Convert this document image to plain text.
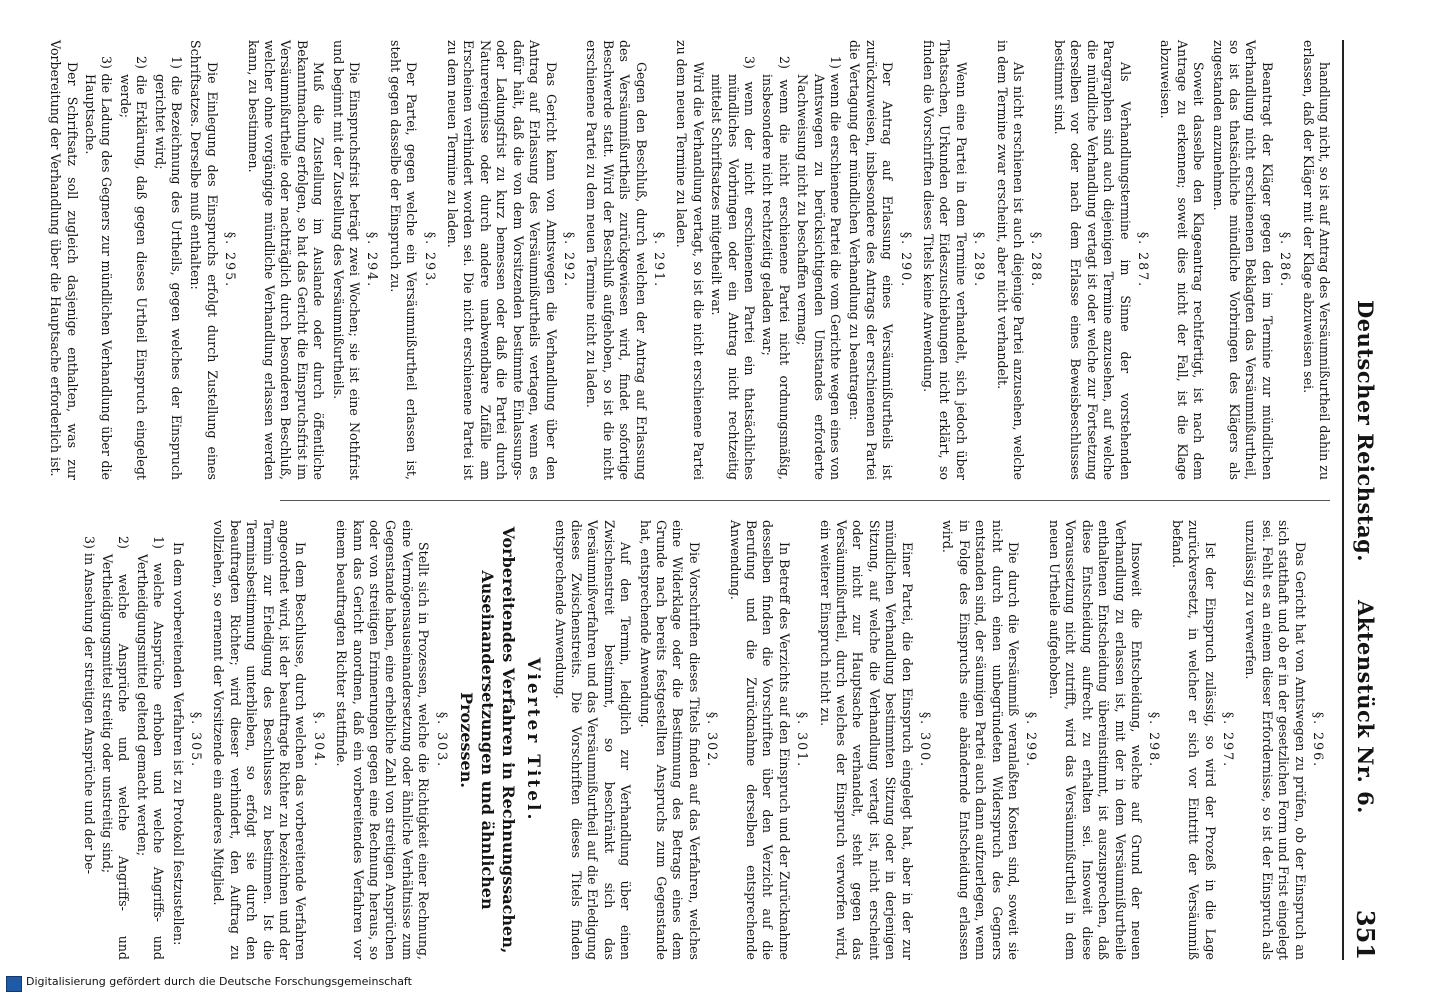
Deutscher Reichstag.
Aktenstück Nr. 6.
351
handlung nicht, so ist auf Antrag des Versäumnißurtheil dahin zu erlassen, daß der Kläger mit der Klage abzuweisen sei.
§. 286.
Beantragt der Kläger gegen den im Termine zur mündlichen Verhandlung nicht erschienenen Beklagten das Versäumnißurtheil, so ist das thatsächliche mündliche Vorbringen des Klägers als zugestanden anzunehmen.
Soweit dasselbe den Klageantrag rechtfertigt, ist nach dem Antrage zu erkennen; soweit dies nicht der Fall, ist die Klage abzuweisen.
§. 287.
Als Verhandlungstermine im Sinne der vorstehenden Paragraphen sind auch diejenigen Termine anzusehen, auf welche die mündliche Verhandlung vertagt ist oder welche zur Fortsetzung derselben vor oder nach dem Erlasse eines Beweisbeschlusses bestimmt sind.
§. 288.
Als nicht erschienen ist auch diejenige Partei anzusehen, welche in dem Termine zwar erscheint, aber nicht verhandelt.
§. 289.
Wenn eine Partei in dem Termine verhandelt, sich jedoch über Thatsachen, Urkunden oder Eideszuschiebungen nicht erklärt, so finden die Vorschriften dieses Titels keine Anwendung.
§. 290.
Der Antrag auf Erlassung eines Versäumnißurtheils ist zurückzuweisen, insbesondere des Antrags der erschienenen Partei die Vertagung der mündlichen Verhandlung zu beantragen:
1) wenn die erschienene Partei die vom Gerichte wegen eines von Amtswegen zu berücksichtigenden Umstandes erforderte Nachweisung nicht zu beschaffen vermag;
2) wenn die nicht erschienene Partei nicht ordnungsmäßig, insbesondere nicht rechtzeitig geladen war;
3) wenn der nicht erschienenen Partei ein thatsächliches mündliches Vorbringen oder ein Antrag nicht rechtzeitig mittelst Schriftsatzes mitgetheilt war.
Wird die Verhandlung vertagt, so ist die nicht erschienene Partei zu dem neuen Termine zu laden.
§. 291.
Gegen den Beschluß, durch welchen der Antrag auf Erlassung des Versäumnißurtheils zurückgewiesen wird, findet sofortige Beschwerde statt. Wird der Beschluß aufgehoben, so ist die nicht erschienene Partei zu dem neuen Termine nicht zu laden.
§. 292.
Das Gericht kann von Amtswegen die Verhandlung über den Antrag auf Erlassung des Versäumnißurtheils vertagen, wenn es dafür hält, daß die von dem Vorsitzenden bestimmte Einlassungs- oder Ladungsfrist zu kurz bemessen oder daß die Partei durch Naturereignisse oder durch andere unabwendbare Zufälle am Erscheinen verhindert worden sei. Die nicht erschienene Partei ist zu dem neuen Termine zu laden.
§. 293.
Der Partei, gegen welche ein Versäumnißurtheil erlassen ist, steht gegen dasselbe der Einspruch zu.
§. 294.
Die Einspruchsfrist beträgt zwei Wochen; sie ist eine Nothfrist und beginnt mit der Zustellung des Versäumnißurtheils.
Muß die Zustellung im Auslande oder durch öffentliche Bekanntmachung erfolgen, so hat das Gericht die Einspruchsfrist im Versäumnißurtheile oder nachträglich durch besonderen Beschluß, welcher ohne vorgängige mündliche Verhandlung erlassen werden kann, zu bestimmen.
§. 295.
Die Einlegung des Einspruchs erfolgt durch Zustellung eines Schriftsatzes. Derselbe muß enthalten:
1) die Bezeichnung des Urtheils, gegen welches der Einspruch gerichtet wird;
2) die Erklärung, daß gegen dieses Urtheil Einspruch eingelegt werde;
3) die Ladung des Gegners zur mündlichen Verhandlung über die Hauptsache.
Der Schriftsatz soll zugleich dasjenige enthalten, was zur Vorbereitung der Verhandlung über die Hauptsache erforderlich ist.
§. 296.
Das Gericht hat von Amtswegen zu prüfen, ob der Einspruch an sich statthaft und ob er in der gesetzlichen Form und Frist eingelegt sei. Fehlt es an einem dieser Erfordernisse, so ist der Einspruch als unzulässig zu verwerfen.
§. 297.
Ist der Einspruch zulässig, so wird der Prozeß in die Lage zurückversetzt, in welcher er sich vor Eintritt der Versäumniß befand.
§. 298.
Insoweit die Entscheidung, welche auf Grund der neuen Verhandlung zu erlassen ist, mit der in dem Versäumnißurtheile enthaltenen Entscheidung übereinstimmt, ist auszusprechen, daß diese Entscheidung aufrecht zu erhalten sei. Insoweit diese Voraussetzung nicht zutrifft, wird das Versäumnißurtheil in dem neuen Urtheile aufgehoben.
§. 299.
Die durch die Versäumniß veranlaßten Kosten sind, soweit sie nicht durch einen unbegründeten Widerspruch des Gegners entstanden sind, der säumigen Partei auch dann aufzuerlegen, wenn in Folge des Einspruchs eine abändernde Entscheidung erlassen wird.
§. 300.
Einer Partei, die den Einspruch eingelegt hat, aber in der zur mündlichen Verhandlung bestimmten Sitzung oder in derjenigen Sitzung, auf welche die Verhandlung vertagt ist, nicht erscheint oder nicht zur Hauptsache verhandelt, steht gegen das Versäumnißurtheil, durch welches der Einspruch verworfen wird, ein weiterer Einspruch nicht zu.
§. 301.
In Betreff des Verzichts auf den Einspruch und der Zurücknahme desselben finden die Vorschriften über den Verzicht auf die Berufung und die Zurücknahme derselben entsprechende Anwendung.
§. 302.
Die Vorschriften dieses Titels finden auf das Verfahren, welches eine Widerklage oder die Bestimmung des Betrags eines dem Grunde nach bereits festgestellten Anspruchs zum Gegenstande hat, entsprechende Anwendung.
Auf den Termin, lediglich zur Verhandlung über einen Zwischenstreit bestimmt, so beschränkt sich das Versäumnißverfahren und das Versäumnißurtheil auf die Erledigung dieses Zwischenstreits. Die Vorschriften dieses Titels finden entsprechende Anwendung.
Vierter Titel.
Vorbereitendes Verfahren in Rechnungssachen, Auseinandersetzungen und ähnlichen Prozessen.
§. 303.
Stellt sich in Prozessen, welche die Richtigkeit einer Rechnung, eine Vermögensauseinandersetzung oder ähnliche Verhältnisse zum Gegenstande haben, eine erhebliche Zahl von streitigen Ansprüchen oder von streitigen Erinnerungen gegen eine Rechnung heraus, so kann das Gericht anordnen, daß ein vorbereitendes Verfahren vor einem beauftragten Richter stattfinde.
§. 304.
In dem Beschlusse, durch welchen das vorbereitende Verfahren angeordnet wird, ist der beauftragte Richter zu bezeichnen und der Termin zur Erledigung des Beschlusses zu bestimmen. Ist die Terminsbestimmung unterblieben, so erfolgt sie durch den beauftragten Richter; wird dieser verhindert, den Auftrag zu vollziehen, so ernennt der Vorsitzende ein anderes Mitglied.
§. 305.
In dem vorbereitenden Verfahren ist zu Protokoll festzustellen:
1) welche Ansprüche erhoben und welche Angriffs- und Vertheidigungsmittel geltend gemacht werden;
2) welche Ansprüche und welche Angriffs- und Vertheidigungsmittel streitig oder unstreitig sind;
3) in Ansehung der streitigen Ansprüche und der be-
Digitalisierung gefördert durch die Deutsche Forschungsgemeinschaft
